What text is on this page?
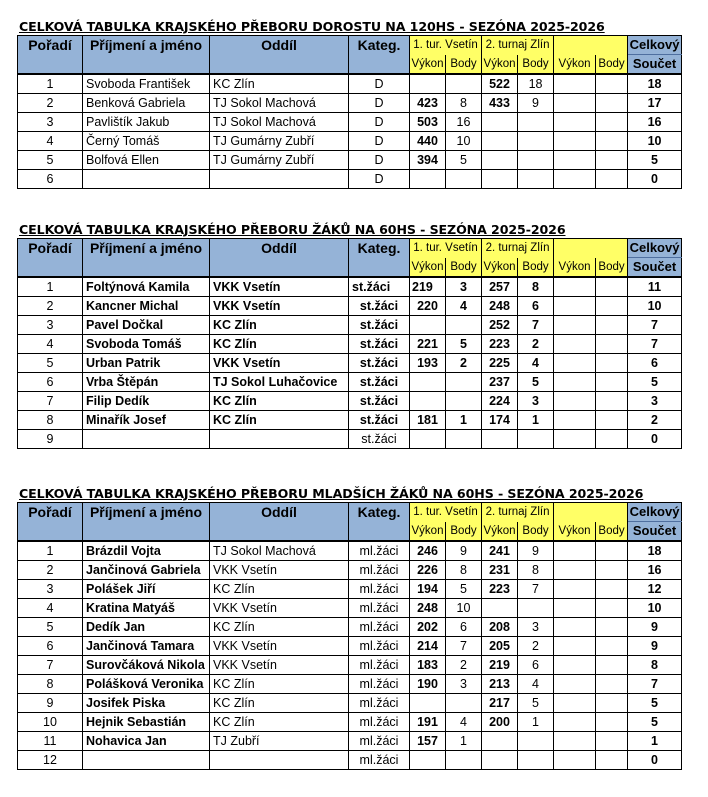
CELKOVÁ TABULKA KRAJSKÉHO PŘEBORU DOROSTU NA 120HS - SEZÓNA 2025-2026
Pořadí	Příjmení a jméno	Oddíl	Kateg.	1. tur. Vsetín		2. turnaj Zlín				Celkový
				Výkon	Body	Výkon	Body	Výkon	Body	Součet
1	Svoboda František	KC Zlín	D			522	18			18
2	Benková Gabriela	TJ Sokol Machová	D	423	8	433	9			17
3	Pavlištík Jakub	TJ Sokol Machová	D	503	16					16
4	Černý Tomáš	TJ Gumárny Zubří	D	440	10					10
5	Bolfová Ellen	TJ Gumárny Zubří	D	394	5					5
6			D							0
CELKOVÁ TABULKA KRAJSKÉHO PŘEBORU ŽÁKŮ NA 60HS - SEZÓNA 2025-2026
Pořadí	Příjmení a jméno	Oddíl	Kateg.	1. tur. Vsetín		2. turnaj Zlín				Celkový
				Výkon	Body	Výkon	Body	Výkon	Body	Součet
1	Foltýnová Kamila	VKK Vsetín	st.žáci	219	3	257	8			11
2	Kancner Michal	VKK Vsetín	st.žáci	220	4	248	6			10
3	Pavel Dočkal	KC Zlín	st.žáci			252	7			7
4	Svoboda Tomáš	KC Zlín	st.žáci	221	5	223	2			7
5	Urban Patrik	VKK Vsetín	st.žáci	193	2	225	4			6
6	Vrba Štěpán	TJ Sokol Luhačovice	st.žáci			237	5			5
7	Filip Dedík	KC Zlín	st.žáci			224	3			3
8	Minařík Josef	KC Zlín	st.žáci	181	1	174	1			2
9			st.žáci							0
CELKOVÁ TABULKA KRAJSKÉHO PŘEBORU MLADŠÍCH ŽÁKŮ NA 60HS - SEZÓNA 2025-2026
Pořadí	Příjmení a jméno	Oddíl	Kateg.	1. tur. Vsetín		2. turnaj Zlín				Celkový
				Výkon	Body	Výkon	Body	Výkon	Body	Součet
1	Brázdil Vojta	TJ Sokol Machová	ml.žáci	246	9	241	9			18
2	Jančinová Gabriela	VKK Vsetín	ml.žáci	226	8	231	8			16
3	Polášek Jiří	KC Zlín	ml.žáci	194	5	223	7			12
4	Kratina Matyáš	VKK Vsetín	ml.žáci	248	10					10
5	Dedík Jan	KC Zlín	ml.žáci	202	6	208	3			9
6	Jančinová Tamara	VKK Vsetín	ml.žáci	214	7	205	2			9
7	Surovčáková Nikola	VKK Vsetín	ml.žáci	183	2	219	6			8
8	Polášková Veronika	KC Zlín	ml.žáci	190	3	213	4			7
9	Josifek Piska	KC Zlín	ml.žáci			217	5			5
10	Hejnik Sebastián	KC Zlín	ml.žáci	191	4	200	1			5
11	Nohavica Jan	TJ Zubří	ml.žáci	157	1					1
12			ml.žáci							0
